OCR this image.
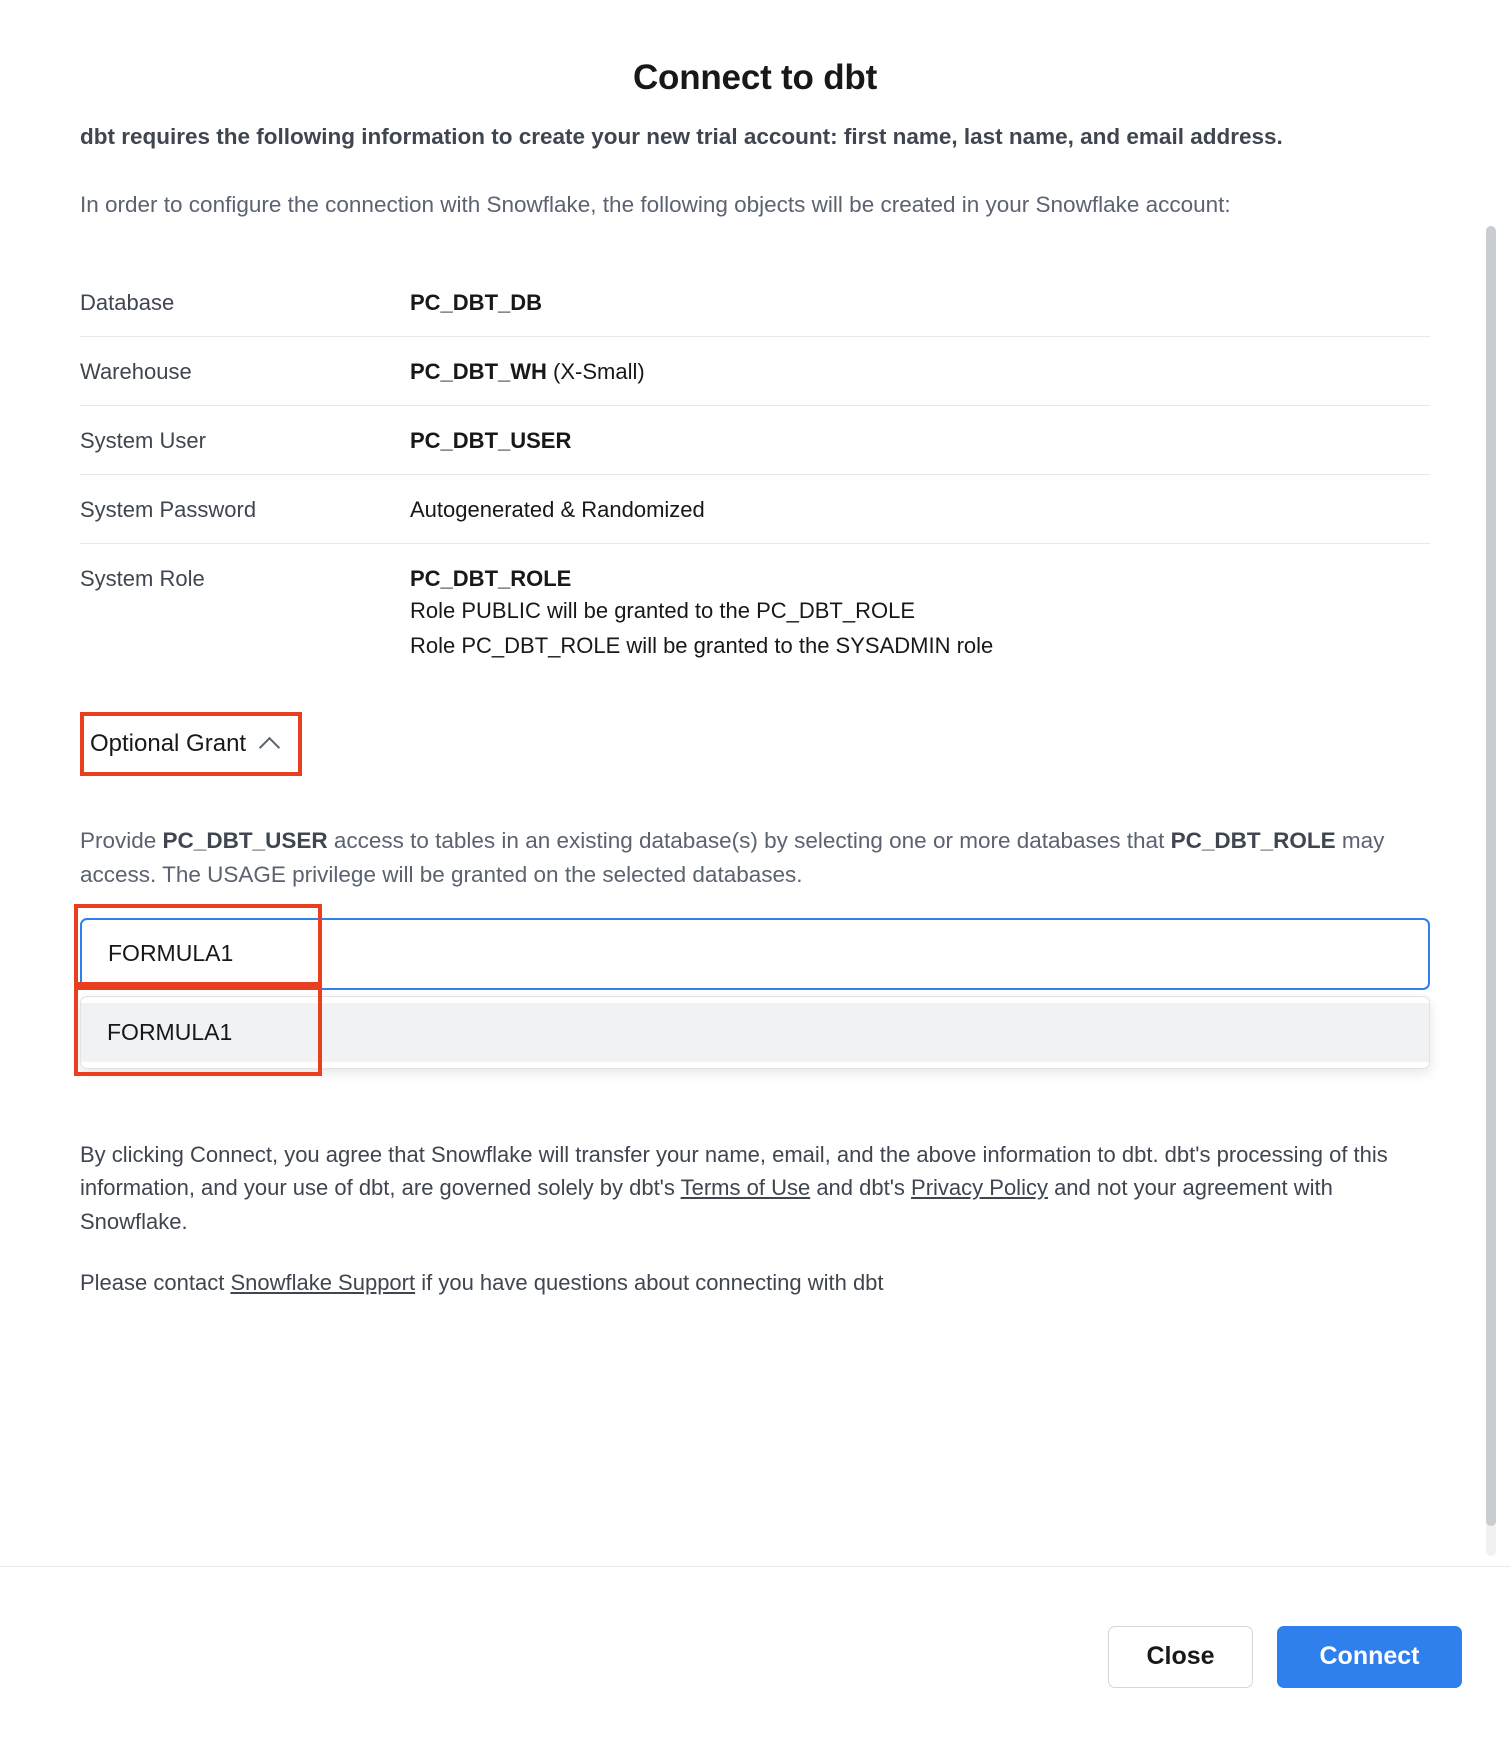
Connect to dbt
dbt requires the following information to create your new trial account: first name, last name, and email address.
In order to configure the connection with Snowflake, the following objects will be created in your Snowflake account:
Database	PC_DBT_DB
Warehouse	PC_DBT_WH (X-Small)
System User	PC_DBT_USER
System Password	Autogenerated & Randomized
System Role	PC_DBT_ROLE
Role PUBLIC will be granted to the PC_DBT_ROLE
Role PC_DBT_ROLE will be granted to the SYSADMIN role
Optional Grant
Provide PC_DBT_USER access to tables in an existing database(s) by selecting one or more databases that PC_DBT_ROLE may access. The USAGE privilege will be granted on the selected databases.
FORMULA1
FORMULA1
By clicking Connect, you agree that Snowflake will transfer your name, email, and the above information to dbt. dbt's processing of this information, and your use of dbt, are governed solely by dbt's Terms of Use and dbt's Privacy Policy and not your agreement with Snowflake.
Please contact Snowflake Support if you have questions about connecting with dbt
Close	Connect
